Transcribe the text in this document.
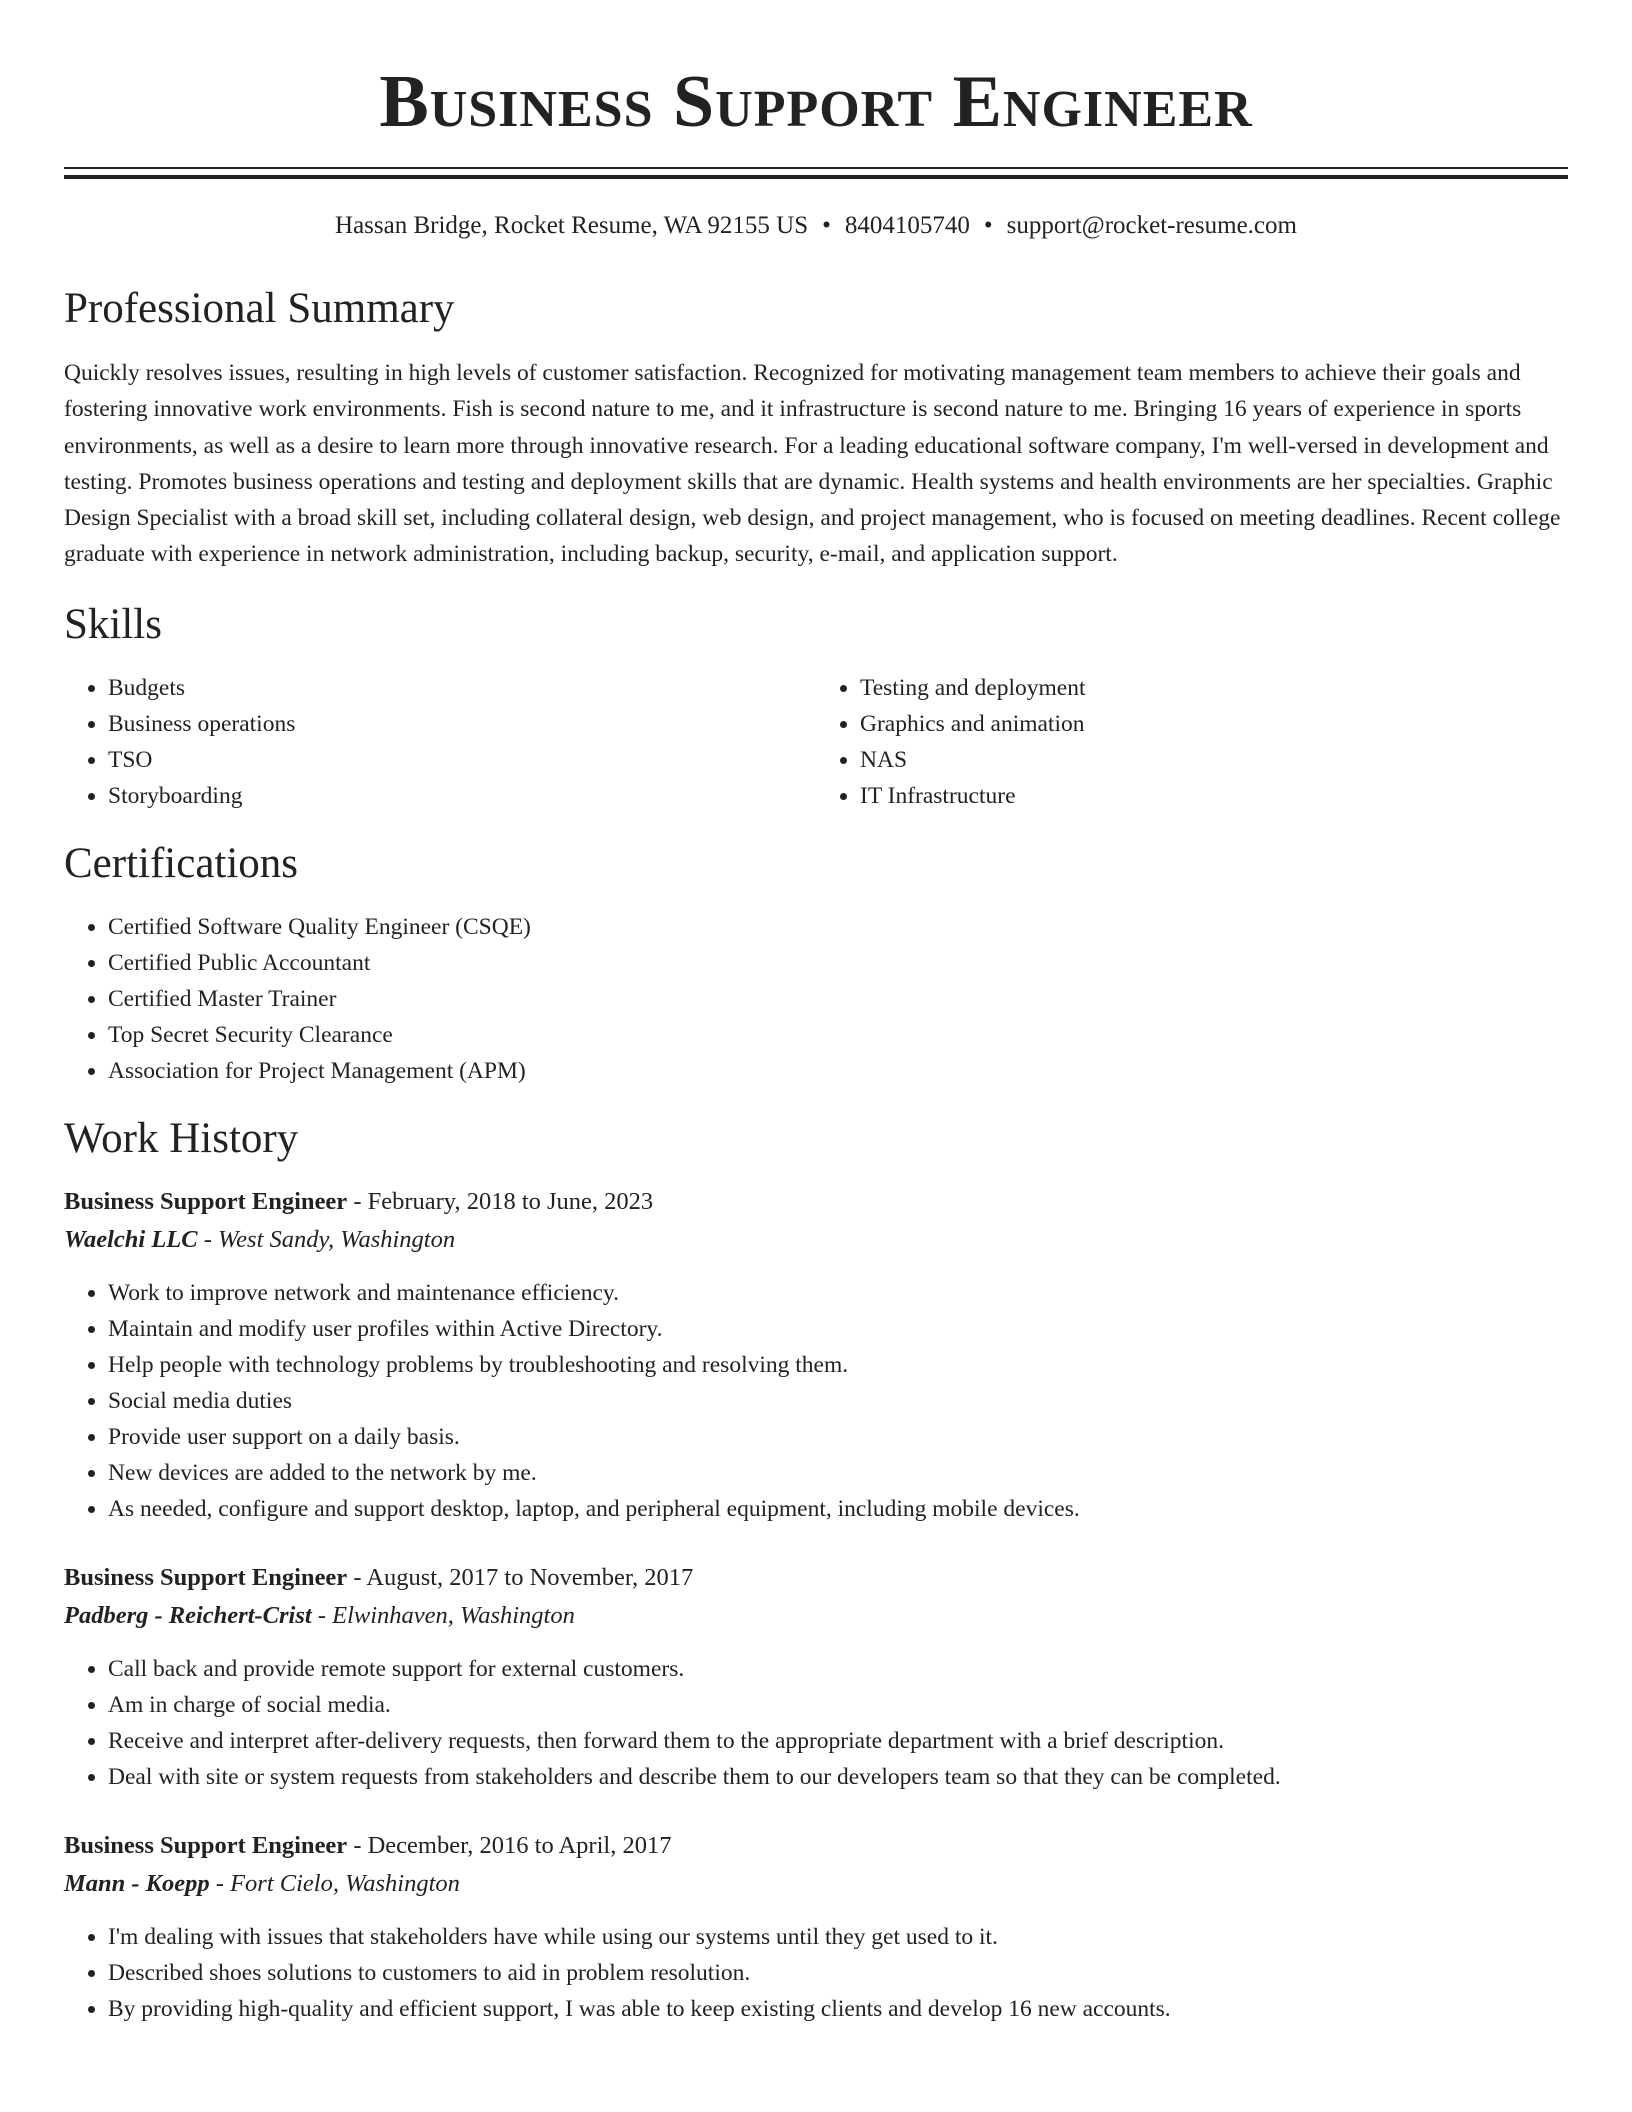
Business Support Engineer
Hassan Bridge, Rocket Resume, WA 92155 US • 8404105740 • support@rocket-resume.com
Professional Summary

Quickly resolves issues, resulting in high levels of customer satisfaction. Recognized for motivating management team members to achieve their goals and fostering innovative work environments. Fish is second nature to me, and it infrastructure is second nature to me. Bringing 16 years of experience in sports environments, as well as a desire to learn more through innovative research. For a leading educational software company, I'm well-versed in development and testing. Promotes business operations and testing and deployment skills that are dynamic. Health systems and health environments are her specialties. Graphic Design Specialist with a broad skill set, including collateral design, web design, and project management, who is focused on meeting deadlines. Recent college graduate with experience in network administration, including backup, security, e-mail, and application support.

Skills
• Budgets
• Business operations
• TSO
• Storyboarding
• Testing and deployment
• Graphics and animation
• NAS
• IT Infrastructure
Certifications
• Certified Software Quality Engineer (CSQE)
• Certified Public Accountant
• Certified Master Trainer
• Top Secret Security Clearance
• Association for Project Management (APM)
Work History
Business Support Engineer - February, 2018 to June, 2023
Waelchi LLC - West Sandy, Washington
• Work to improve network and maintenance efficiency.
• Maintain and modify user profiles within Active Directory.
• Help people with technology problems by troubleshooting and resolving them.
• Social media duties
• Provide user support on a daily basis.
• New devices are added to the network by me.
• As needed, configure and support desktop, laptop, and peripheral equipment, including mobile devices.
Business Support Engineer - August, 2017 to November, 2017
Padberg - Reichert-Crist - Elwinhaven, Washington
• Call back and provide remote support for external customers.
• Am in charge of social media.
• Receive and interpret after-delivery requests, then forward them to the appropriate department with a brief description.
• Deal with site or system requests from stakeholders and describe them to our developers team so that they can be completed.
Business Support Engineer - December, 2016 to April, 2017
Mann - Koepp - Fort Cielo, Washington
• I'm dealing with issues that stakeholders have while using our systems until they get used to it.
• Described shoes solutions to customers to aid in problem resolution.
• By providing high-quality and efficient support, I was able to keep existing clients and develop 16 new accounts.
